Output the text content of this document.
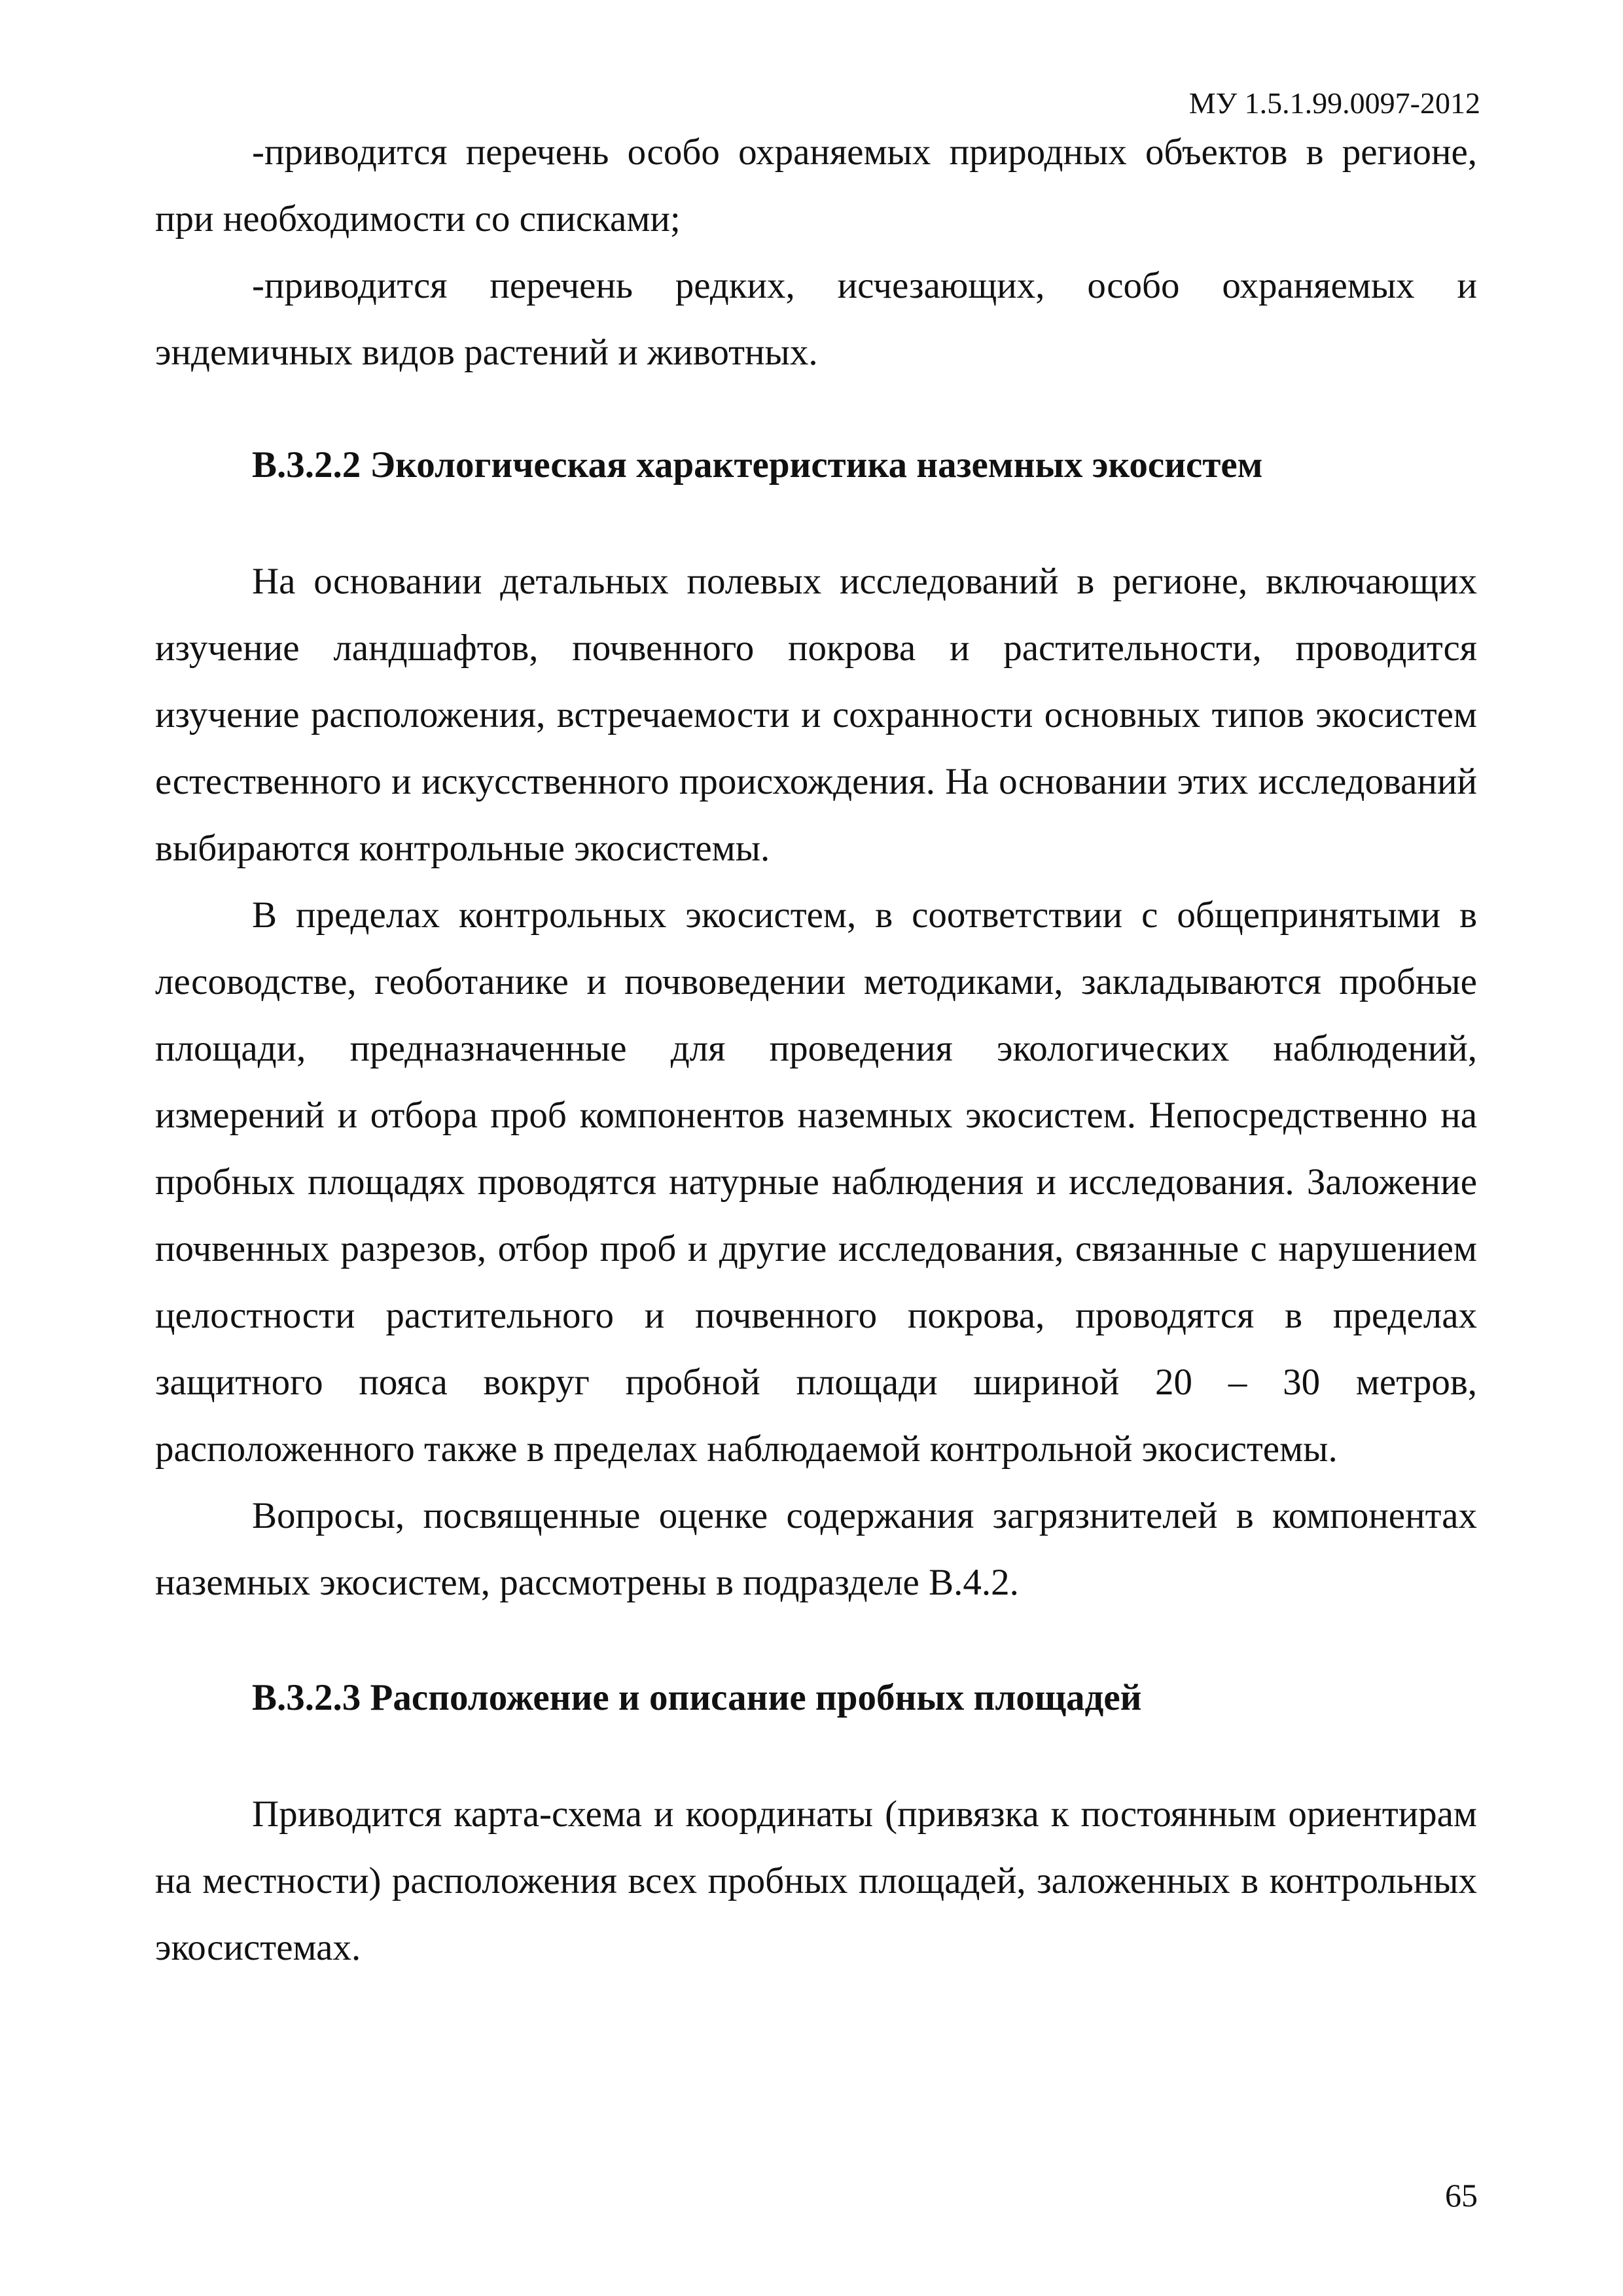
МУ 1.5.1.99.0097-2012

-приводится перечень особо охраняемых природных объектов в регионе, при необходимости со списками;

-приводится перечень редких, исчезающих, особо охраняемых и эндемичных видов растений и животных.

В.3.2.2 Экологическая характеристика наземных экосистем

На основании детальных полевых исследований в регионе, включающих изучение ландшафтов, почвенного покрова и растительности, проводится изучение расположения, встречаемости и сохранности основных типов экосистем естественного и искусственного происхождения. На основании этих исследований выбираются контрольные экосистемы.

В пределах контрольных экосистем, в соответствии с общепринятыми в лесоводстве, геоботанике и почвоведении методиками, закладываются пробные площади, предназначенные для проведения экологических наблюдений, измерений и отбора проб компонентов наземных экосистем. Непосредственно на пробных площадях проводятся натурные наблюдения и исследования. Заложение почвенных разрезов, отбор проб и другие исследования, связанные с нарушением целостности растительного и почвенного покрова, проводятся в пределах защитного пояса вокруг пробной площади шириной 20 – 30 метров, расположенного также в пределах наблюдаемой контрольной экосистемы.

Вопросы, посвященные оценке содержания загрязнителей в компонентах наземных экосистем, рассмотрены в подразделе В.4.2.

В.3.2.3 Расположение и описание пробных площадей

Приводится карта-схема и координаты (привязка к постоянным ориентирам на местности) расположения всех пробных площадей, заложенных в контрольных экосистемах.

65
